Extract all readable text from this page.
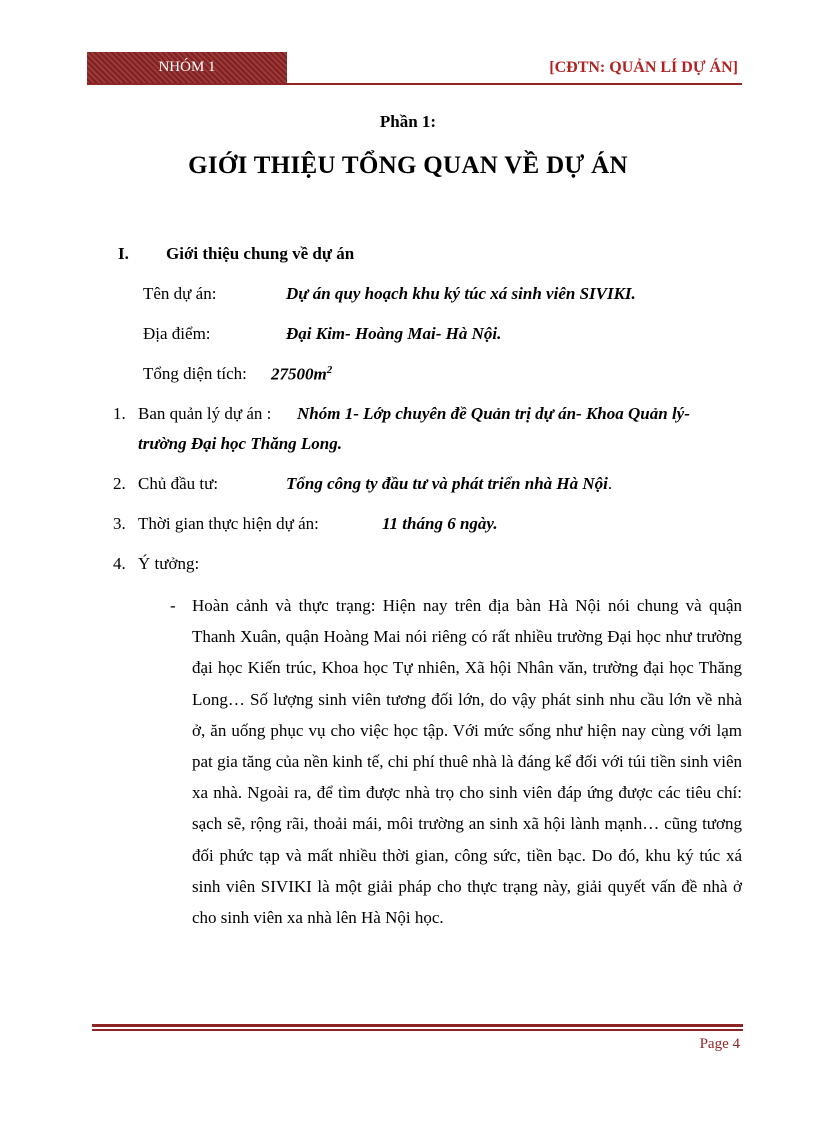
NHÓM 1	[CĐTN: QUẢN LÍ DỰ ÁN]
Phần 1:
GIỚI THIỆU TỔNG QUAN VỀ DỰ ÁN
I. Giới thiệu chung về dự án
Tên dự án:	Dự án quy hoạch khu ký túc xá sinh viên SIVIKI.
Địa điểm:	Đại Kim- Hoàng Mai- Hà Nội.
Tổng diện tích: $27500m^2$
1. Ban quản lý dự án : Nhóm 1- Lớp chuyên đề Quản trị dự án- Khoa Quản lý-
trường Đại học Thăng Long.
2. Chủ đầu tư:	Tổng công ty đầu tư và phát triển nhà Hà Nội.
3. Thời gian thực hiện dự án:	11 tháng 6 ngày.
4. Ý tưởng:
- Hoàn cảnh và thực trạng: Hiện nay trên địa bàn Hà Nội nói chung và quận Thanh Xuân, quận Hoàng Mai nói riêng có rất nhiều trường Đại học như trường đại học Kiến trúc, Khoa học Tự nhiên, Xã hội Nhân văn, trường đại học Thăng Long… Số lượng sinh viên tương đối lớn, do vậy phát sinh nhu cầu lớn về nhà ở, ăn uống phục vụ cho việc học tập. Với mức sống như hiện nay cùng với lạm pat gia tăng của nền kinh tế, chi phí thuê nhà là đáng kể đối với túi tiền sinh viên xa nhà. Ngoài ra, để tìm được nhà trọ cho sinh viên đáp ứng được các tiêu chí: sạch sẽ, rộng rãi, thoải mái, môi trường an sinh xã hội lành mạnh… cũng tương đối phức tạp và mất nhiều thời gian, công sức, tiền bạc. Do đó, khu ký túc xá sinh viên SIVIKI là một giải pháp cho thực trạng này, giải quyết vấn đề nhà ở cho sinh viên xa nhà lên Hà Nội học.
Page 4
